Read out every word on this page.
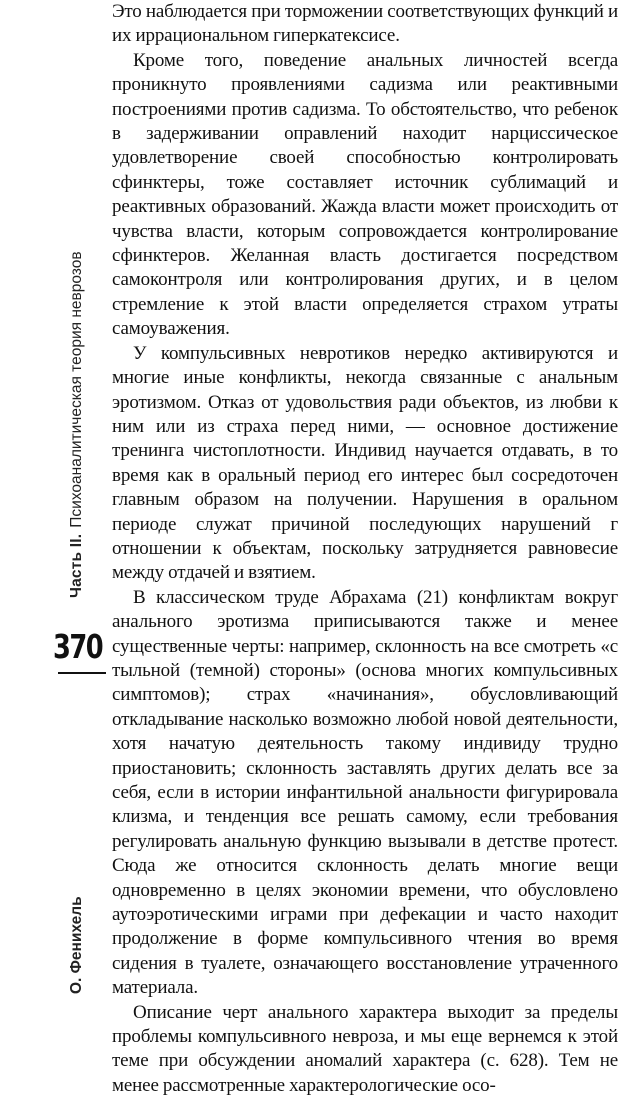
Часть II.Психоаналитическая теория неврозов
370
О. Фенихель

Это наблюдается при торможении соответствующих функций и их иррациональном гиперкатексисе.

Кроме того, поведение анальных личностей всегда проникнуто проявлениями садизма или реактивными построениями против садизма. То обстоятельство, что ребенок в задерживании оправлений находит нарциссическое удовлетворение своей способностью контролировать сфинктеры, тоже составляет источник сублимаций и реактивных образований. Жажда власти может происходить от чувства власти, которым сопровождается контролирование сфинктеров. Желанная власть достигается посредством самоконтроля или контролирования других, и в целом стремление к этой власти определяется страхом утраты самоуважения.

У компульсивных невротиков нередко активируются и многие иные конфликты, некогда связанные с анальным эротизмом. Отказ от удовольствия ради объектов, из любви к ним или из страха перед ними, — основное достижение тренинга чистоплотности. Индивид научается отдавать, в то время как в оральный период его интерес был сосредоточен главным образом на получении. Нарушения в оральном периоде служат причиной последующих нарушений г отношении к объектам, поскольку затрудняется равновесие между отдачей и взятием.

В классическом труде Абрахама (21) конфликтам вокруг анального эротизма приписываются также и менее существенные черты: например, склонность на все смотреть «с тыльной (темной) стороны» (основа многих компульсивных симптомов); страх «начинания», обусловливающий откладывание насколько возможно любой новой деятельности, хотя начатую деятельность такому индивиду трудно приостановить; склонность заставлять других делать все за себя, если в истории инфантильной анальности фигурировала клизма, и тенденция все решать самому, если требования регулировать анальную функцию вызывали в детстве протест. Сюда же относится склонность делать многие вещи одновременно в целях экономии времени, что обусловлено аутоэротическими играми при дефекации и часто находит продолжение в форме компульсивного чтения во время сидения в туалете, означающего восстановление утраченного материала.

Описание черт анального характера выходит за пределы проблемы компульсивного невроза, и мы еще вернемся к этой теме при обсуждении аномалий характера (с. 628). Тем не менее рассмотренные характерологические осо-
